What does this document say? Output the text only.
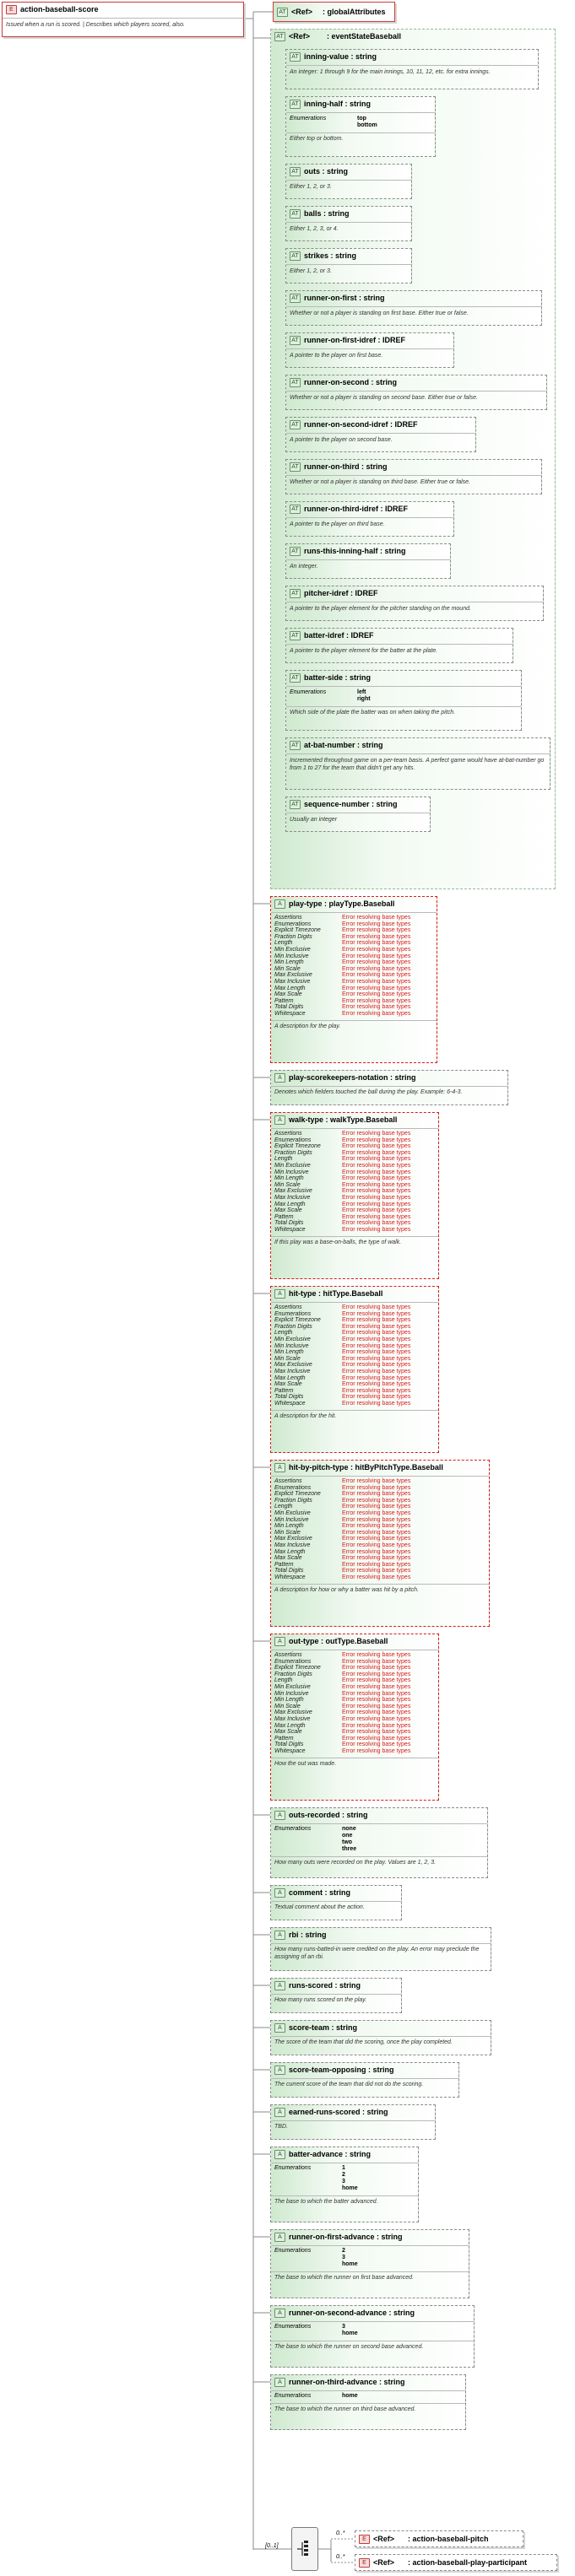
E action-baseball-score
Issued when a run is scored. | Describes which players scored, also.
AT <Ref> : globalAttributes
AT <Ref> : eventStateBaseball
AT inning-value : string
An integer: 1 through 9 for the main innings, 10, 11, 12, etc. for extra innings.
AT inning-half : string
Enumerations	top
bottom
Either top or bottom.
AT outs : string
Either 1, 2, or 3.
AT balls : string
Either 1, 2, 3, or 4.
AT strikes : string
Either 1, 2, or 3.
AT runner-on-first : string
Whether or not a player is standing on first base. Either true or false.
AT runner-on-first-idref : IDREF
A pointer to the player on first base.
AT runner-on-second : string
Whether or not a player is standing on second base. Either true or false.
AT runner-on-second-idref : IDREF
A pointer to the player on second base.
AT runner-on-third : string
Whether or not a player is standing on third base. Either true or false.
AT runner-on-third-idref : IDREF
A pointer to the player on third base.
AT runs-this-inning-half : string
An integer.
AT pitcher-idref : IDREF
A pointer to the player element for the pitcher standing on the mound.
AT batter-idref : IDREF
A pointer to the player element for the batter at the plate.
AT batter-side : string
Enumerations	left
right
Which side of the plate the batter was on when taking the pitch.
AT at-bat-number : string
Incremented throughout game on a per-team basis. A perfect game would have at-bat-number go from 1 to 27 for the team that didn't get any hits.
AT sequence-number : string
Usually an integer
A play-type : playType.Baseball
Assertions	Error resolving base types
Enumerations	Error resolving base types
Explicit Timezone	Error resolving base types
Fraction Digits	Error resolving base types
Length	Error resolving base types
Min Exclusive	Error resolving base types
Min Inclusive	Error resolving base types
Min Length	Error resolving base types
Min Scale	Error resolving base types
Max Exclusive	Error resolving base types
Max Inclusive	Error resolving base types
Max Length	Error resolving base types
Max Scale	Error resolving base types
Pattern	Error resolving base types
Total Digits	Error resolving base types
Whitespace	Error resolving base types
A description for the play.
A play-scorekeepers-notation : string
Denotes which fielders touched the ball during the play. Example: 6-4-3.
A walk-type : walkType.Baseball
Assertions	Error resolving base types
Enumerations	Error resolving base types
Explicit Timezone	Error resolving base types
Fraction Digits	Error resolving base types
Length	Error resolving base types
Min Exclusive	Error resolving base types
Min Inclusive	Error resolving base types
Min Length	Error resolving base types
Min Scale	Error resolving base types
Max Exclusive	Error resolving base types
Max Inclusive	Error resolving base types
Max Length	Error resolving base types
Max Scale	Error resolving base types
Pattern	Error resolving base types
Total Digits	Error resolving base types
Whitespace	Error resolving base types
If this play was a base-on-balls, the type of walk.
A hit-type : hitType.Baseball
Assertions	Error resolving base types
Enumerations	Error resolving base types
Explicit Timezone	Error resolving base types
Fraction Digits	Error resolving base types
Length	Error resolving base types
Min Exclusive	Error resolving base types
Min Inclusive	Error resolving base types
Min Length	Error resolving base types
Min Scale	Error resolving base types
Max Exclusive	Error resolving base types
Max Inclusive	Error resolving base types
Max Length	Error resolving base types
Max Scale	Error resolving base types
Pattern	Error resolving base types
Total Digits	Error resolving base types
Whitespace	Error resolving base types
A description for the hit.
A hit-by-pitch-type : hitByPitchType.Baseball
Assertions	Error resolving base types
Enumerations	Error resolving base types
Explicit Timezone	Error resolving base types
Fraction Digits	Error resolving base types
Length	Error resolving base types
Min Exclusive	Error resolving base types
Min Inclusive	Error resolving base types
Min Length	Error resolving base types
Min Scale	Error resolving base types
Max Exclusive	Error resolving base types
Max Inclusive	Error resolving base types
Max Length	Error resolving base types
Max Scale	Error resolving base types
Pattern	Error resolving base types
Total Digits	Error resolving base types
Whitespace	Error resolving base types
A description for how or why a batter was hit by a pitch.
A out-type : outType.Baseball
Assertions	Error resolving base types
Enumerations	Error resolving base types
Explicit Timezone	Error resolving base types
Fraction Digits	Error resolving base types
Length	Error resolving base types
Min Exclusive	Error resolving base types
Min Inclusive	Error resolving base types
Min Length	Error resolving base types
Min Scale	Error resolving base types
Max Exclusive	Error resolving base types
Max Inclusive	Error resolving base types
Max Length	Error resolving base types
Max Scale	Error resolving base types
Pattern	Error resolving base types
Total Digits	Error resolving base types
Whitespace	Error resolving base types
How the out was made.
A outs-recorded : string
Enumerations	none
one
two
three
How many outs were recorded on the play. Values are 1, 2, 3.
A comment : string
Textual comment about the action.
A rbi : string
How many runs-batted-in were credited on the play. An error may preclude the assigning of an rbi.
A runs-scored : string
How many runs scored on the play.
A score-team : string
The score of the team that did the scoring, once the play completed.
A score-team-opposing : string
The current score of the team that did not do the scoring.
A earned-runs-scored : string
TBD.
A batter-advance : string
Enumerations	1
2
3
home
The base to which the batter advanced.
A runner-on-first-advance : string
Enumerations	2
3
home
The base to which the runner on first base advanced.
A runner-on-second-advance : string
Enumerations	3
home
The base to which the runner on second base advanced.
A runner-on-third-advance : string
Enumerations	home
The base to which the runner on third base advanced.
[0..1]
0..*
E <Ref> : action-baseball-pitch
0..*
E <Ref> : action-baseball-play-participant
